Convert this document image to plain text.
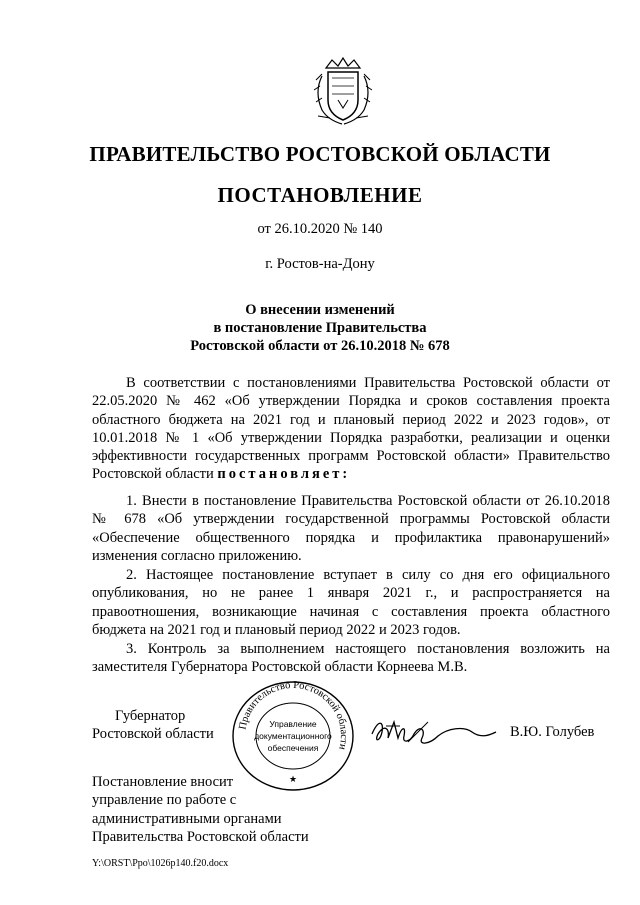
ПРАВИТЕЛЬСТВО РОСТОВСКОЙ ОБЛАСТИ
ПОСТАНОВЛЕНИЕ
от 26.10.2020 № 140
г. Ростов-на-Дону
О внесении изменений
в постановление Правительства
Ростовской области от 26.10.2018 № 678
В соответствии с постановлениями Правительства Ростовской области от 22.05.2020 № 462 «Об утверждении Порядка и сроков составления проекта областного бюджета на 2021 год и плановый период 2022 и 2023 годов», от 10.01.2018 № 1 «Об утверждении Порядка разработки, реализации и оценки эффективности государственных программ Ростовской области» Правительство Ростовской области постановляет:
1. Внести в постановление Правительства Ростовской области от 26.10.2018 № 678 «Об утверждении государственной программы Ростовской области «Обеспечение общественного порядка и профилактика правонарушений» изменения согласно приложению.
2. Настоящее постановление вступает в силу со дня его официального опубликования, но не ранее 1 января 2021 г., и распространяется на правоотношения, возникающие начиная с составления проекта областного бюджета на 2021 год и плановый период 2022 и 2023 годов.
3. Контроль за выполнением настоящего постановления возложить на заместителя Губернатора Ростовской области Корнеева М.В.
Губернатор
Ростовской области
Правительство Ростовской области
Управление
документационного
обеспечения
★
В.Ю. Голубев
Постановление вносит
управление по работе с
административными органами
Правительства Ростовской области
Y:\ORST\Ppo\1026p140.f20.docx
